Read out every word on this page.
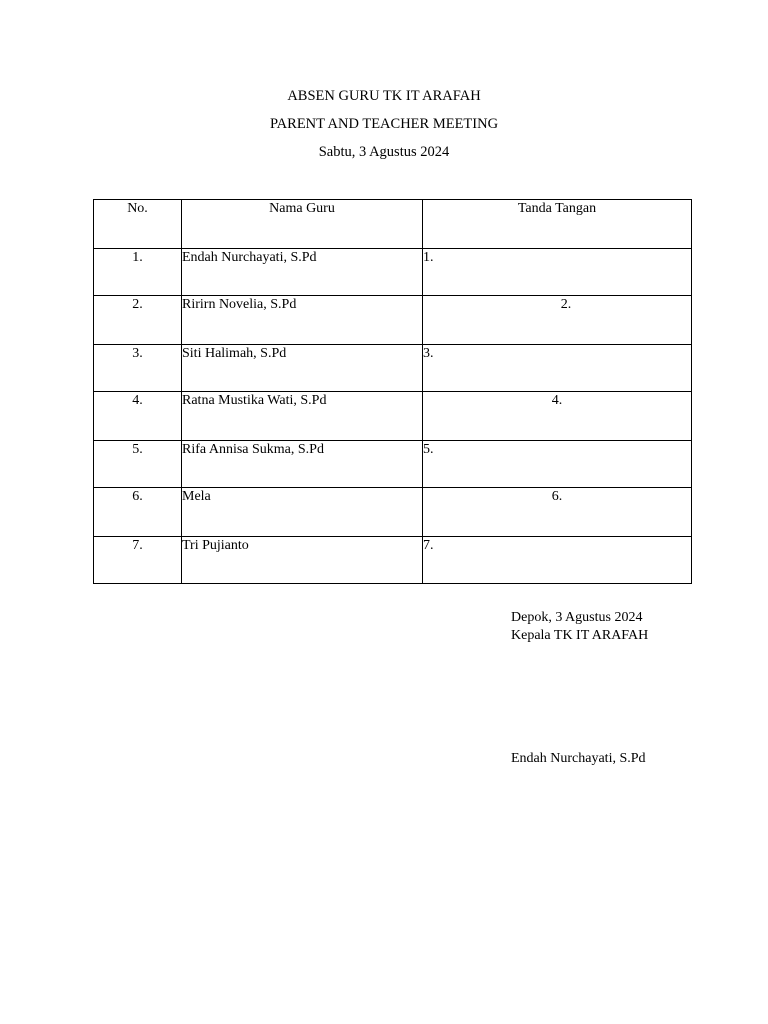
ABSEN GURU TK IT ARAFAH
PARENT AND TEACHER MEETING
Sabtu, 3 Agustus 2024
No.	Nama Guru	Tanda Tangan

1.	Endah Nurchayati, S.Pd	1.

2.	Ririrn Novelia, S.Pd	2.

3.	Siti Halimah, S.Pd	3.

4.	Ratna Mustika Wati, S.Pd	4.

5.	Rifa Annisa Sukma, S.Pd	5.

6.	Mela	6.

7.	Tri Pujianto	7.
Depok, 3 Agustus 2024
Kepala TK IT ARAFAH
Endah Nurchayati, S.Pd
